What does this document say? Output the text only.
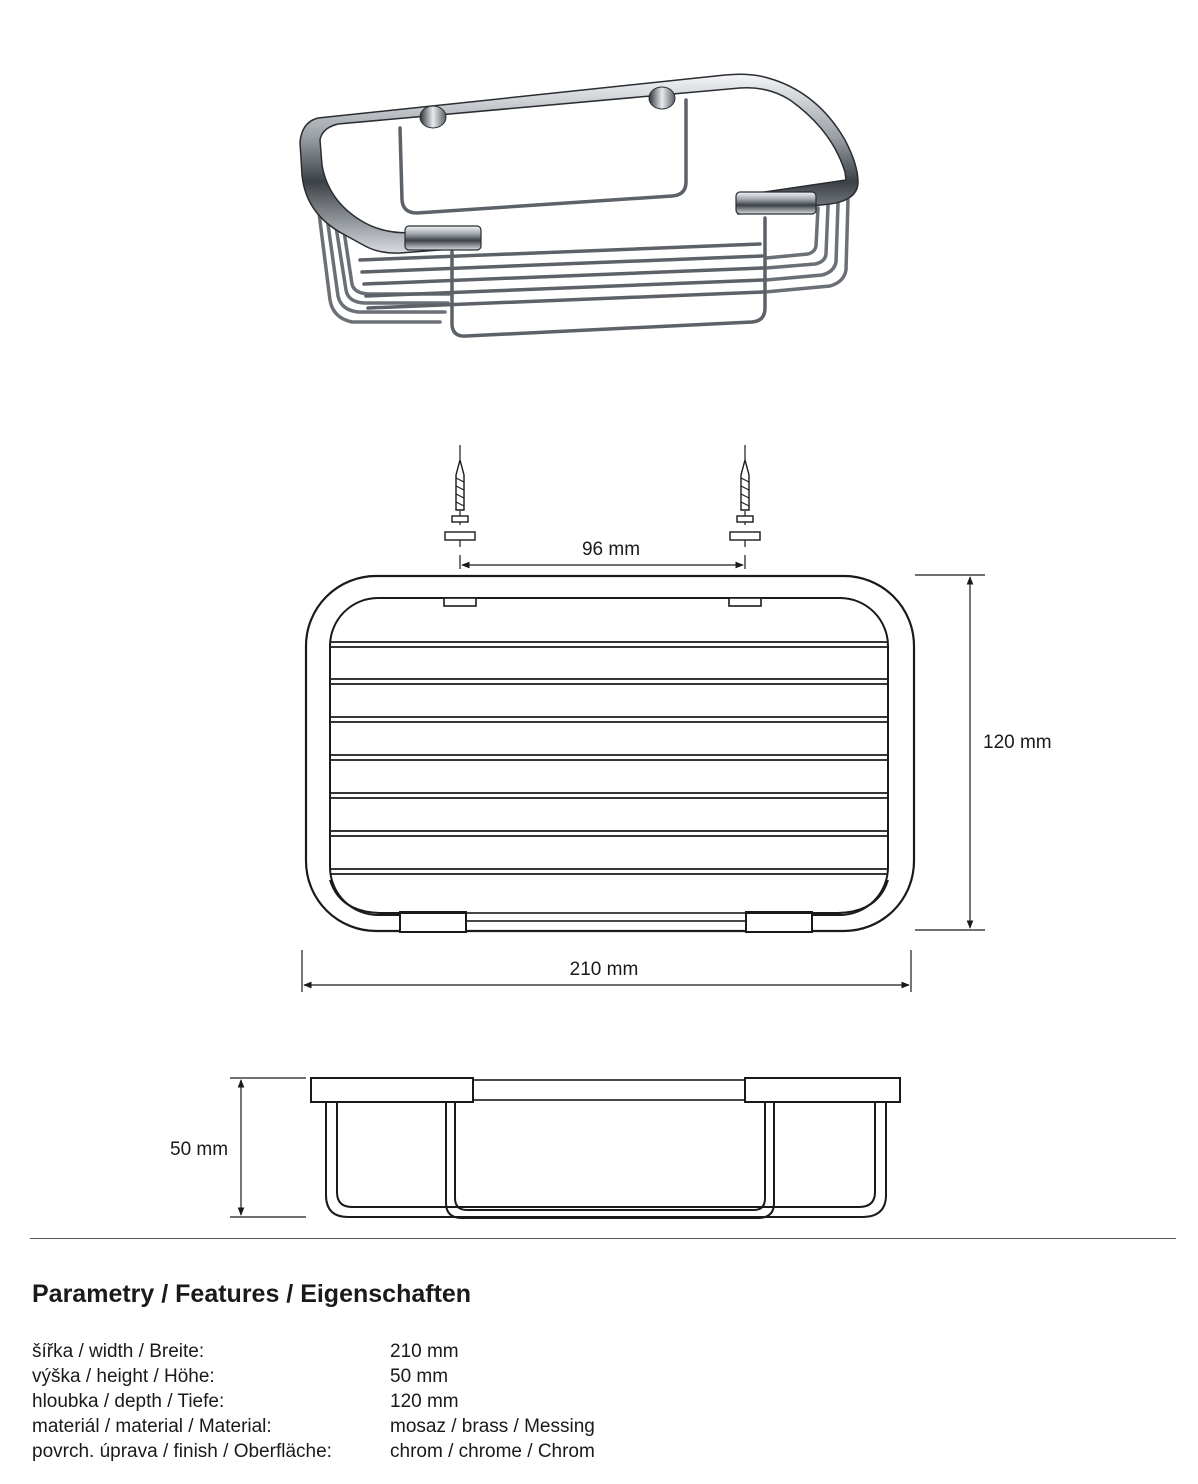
96 mm
120 mm
210 mm
50 mm
Parametry / Features / Eigenschaften
šířka / width / Breite:	210 mm
výška / height / Höhe:	50 mm
hloubka / depth / Tiefe:	120 mm
materiál / material / Material:	mosaz / brass / Messing
povrch. úprava / finish / Oberfläche:	chrom / chrome / Chrom
